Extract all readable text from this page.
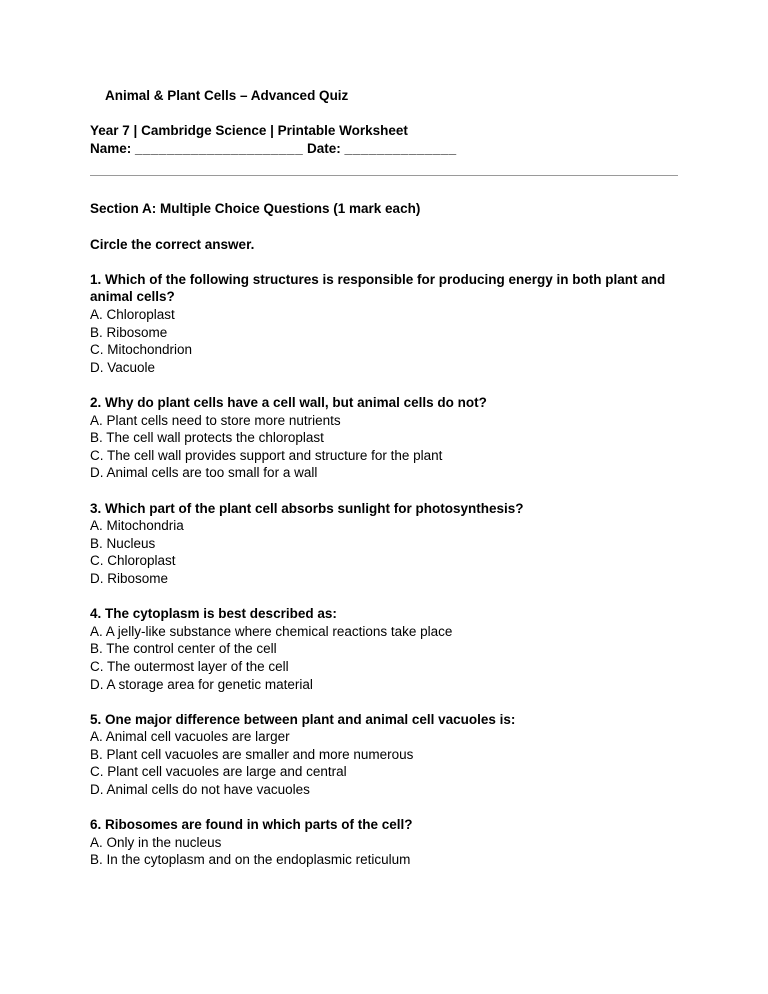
Animal & Plant Cells – Advanced Quiz

Year 7 | Cambridge Science | Printable Worksheet

Name: _____________________ Date: ______________

Section A: Multiple Choice Questions (1 mark each)

Circle the correct answer.

1. Which of the following structures is responsible for producing energy in both plant and animal cells?

A. Chloroplast

B. Ribosome

C. Mitochondrion

D. Vacuole

2. Why do plant cells have a cell wall, but animal cells do not?

A. Plant cells need to store more nutrients

B. The cell wall protects the chloroplast

C. The cell wall provides support and structure for the plant

D. Animal cells are too small for a wall

3. Which part of the plant cell absorbs sunlight for photosynthesis?

A. Mitochondria

B. Nucleus

C. Chloroplast

D. Ribosome

4. The cytoplasm is best described as:

A. A jelly-like substance where chemical reactions take place

B. The control center of the cell

C. The outermost layer of the cell

D. A storage area for genetic material

5. One major difference between plant and animal cell vacuoles is:

A. Animal cell vacuoles are larger

B. Plant cell vacuoles are smaller and more numerous

C. Plant cell vacuoles are large and central

D. Animal cells do not have vacuoles

6. Ribosomes are found in which parts of the cell?

A. Only in the nucleus

B. In the cytoplasm and on the endoplasmic reticulum
